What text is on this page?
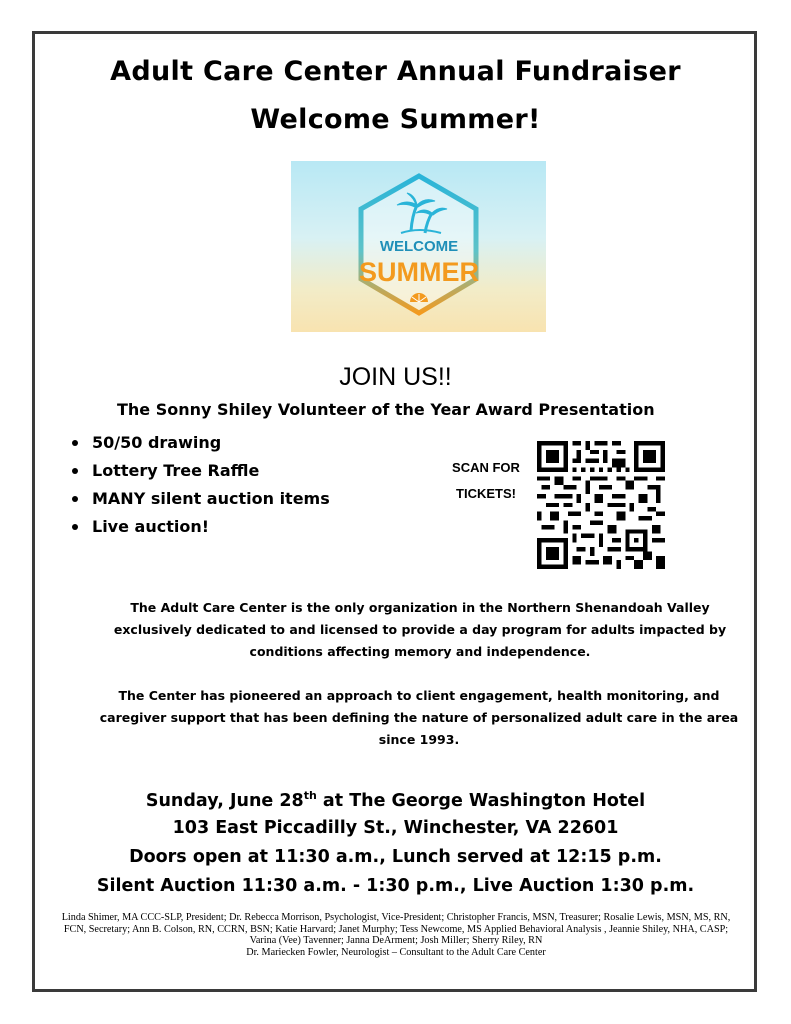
Adult Care Center Annual Fundraiser
Welcome Summer!
WELCOME
SUMMER
JOIN US!!
The Sonny Shiley Volunteer of the Year Award Presentation
50/50 drawing
Lottery Tree Raffle
MANY silent auction items
Live auction!
SCAN FOR
TICKETS!
The Adult Care Center is the only organization in the Northern Shenandoah Valley exclusively dedicated to and licensed to provide a day program for adults impacted by conditions affecting memory and independence.
The Center has pioneered an approach to client engagement, health monitoring, and caregiver support that has been defining the nature of personalized adult care in the area since 1993.
Sunday, June 28th at The George Washington Hotel
103 East Piccadilly St., Winchester, VA 22601
Doors open at 11:30 a.m., Lunch served at 12:15 p.m.
Silent Auction 11:30 a.m. - 1:30 p.m., Live Auction 1:30 p.m.
Linda Shimer, MA CCC-SLP, President; Dr. Rebecca Morrison, Psychologist, Vice-President; Christopher Francis, MSN, Treasurer; Rosalie Lewis, MSN, MS, RN,
FCN, Secretary; Ann B. Colson, RN, CCRN, BSN; Katie Harvard; Janet Murphy; Tess Newcome, MS Applied Behavioral Analysis , Jeannie Shiley, NHA, CASP;
Varina (Vee) Tavenner; Janna DeArment; Josh Miller; Sherry Riley, RN
Dr. Mariecken Fowler, Neurologist – Consultant to the Adult Care Center
